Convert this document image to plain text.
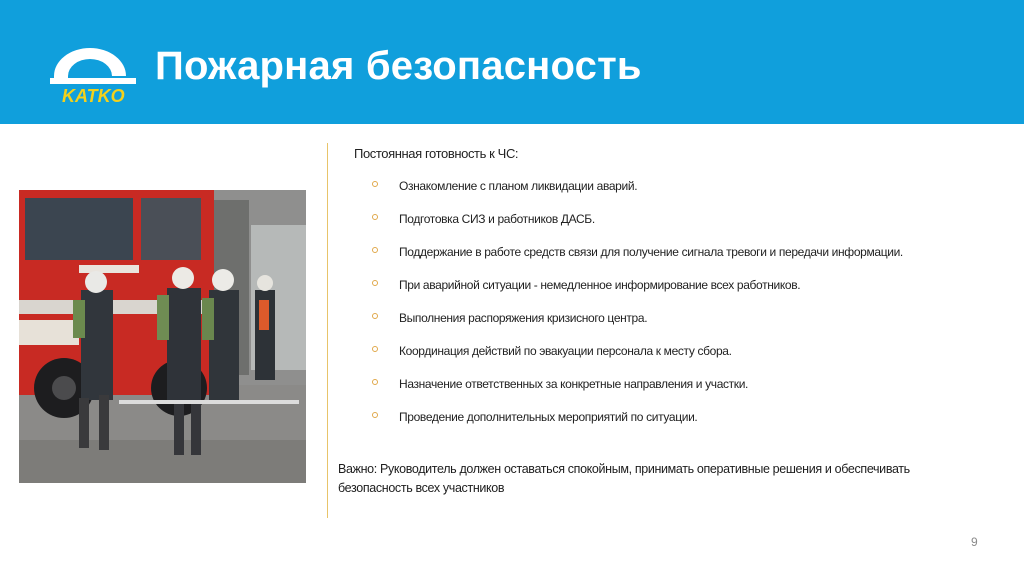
KATKO
Пожарная безопасность
Постоянная готовность к ЧС:
Ознакомление с планом ликвидации аварий.
Подготовка СИЗ и работников ДАСБ.
Поддержание в работе средств связи для получение сигнала тревоги и передачи информации.
При аварийной ситуации - немедленное информирование всех работников.
Выполнения распоряжения кризисного центра.
Координация действий по эвакуации персонала к месту сбора.
Назначение ответственных за конкретные направления и участки.
Проведение дополнительных мероприятий по ситуации.
Важно: Руководитель должен оставаться спокойным, принимать оперативные решения и обеспечивать безопасность всех участников
9
